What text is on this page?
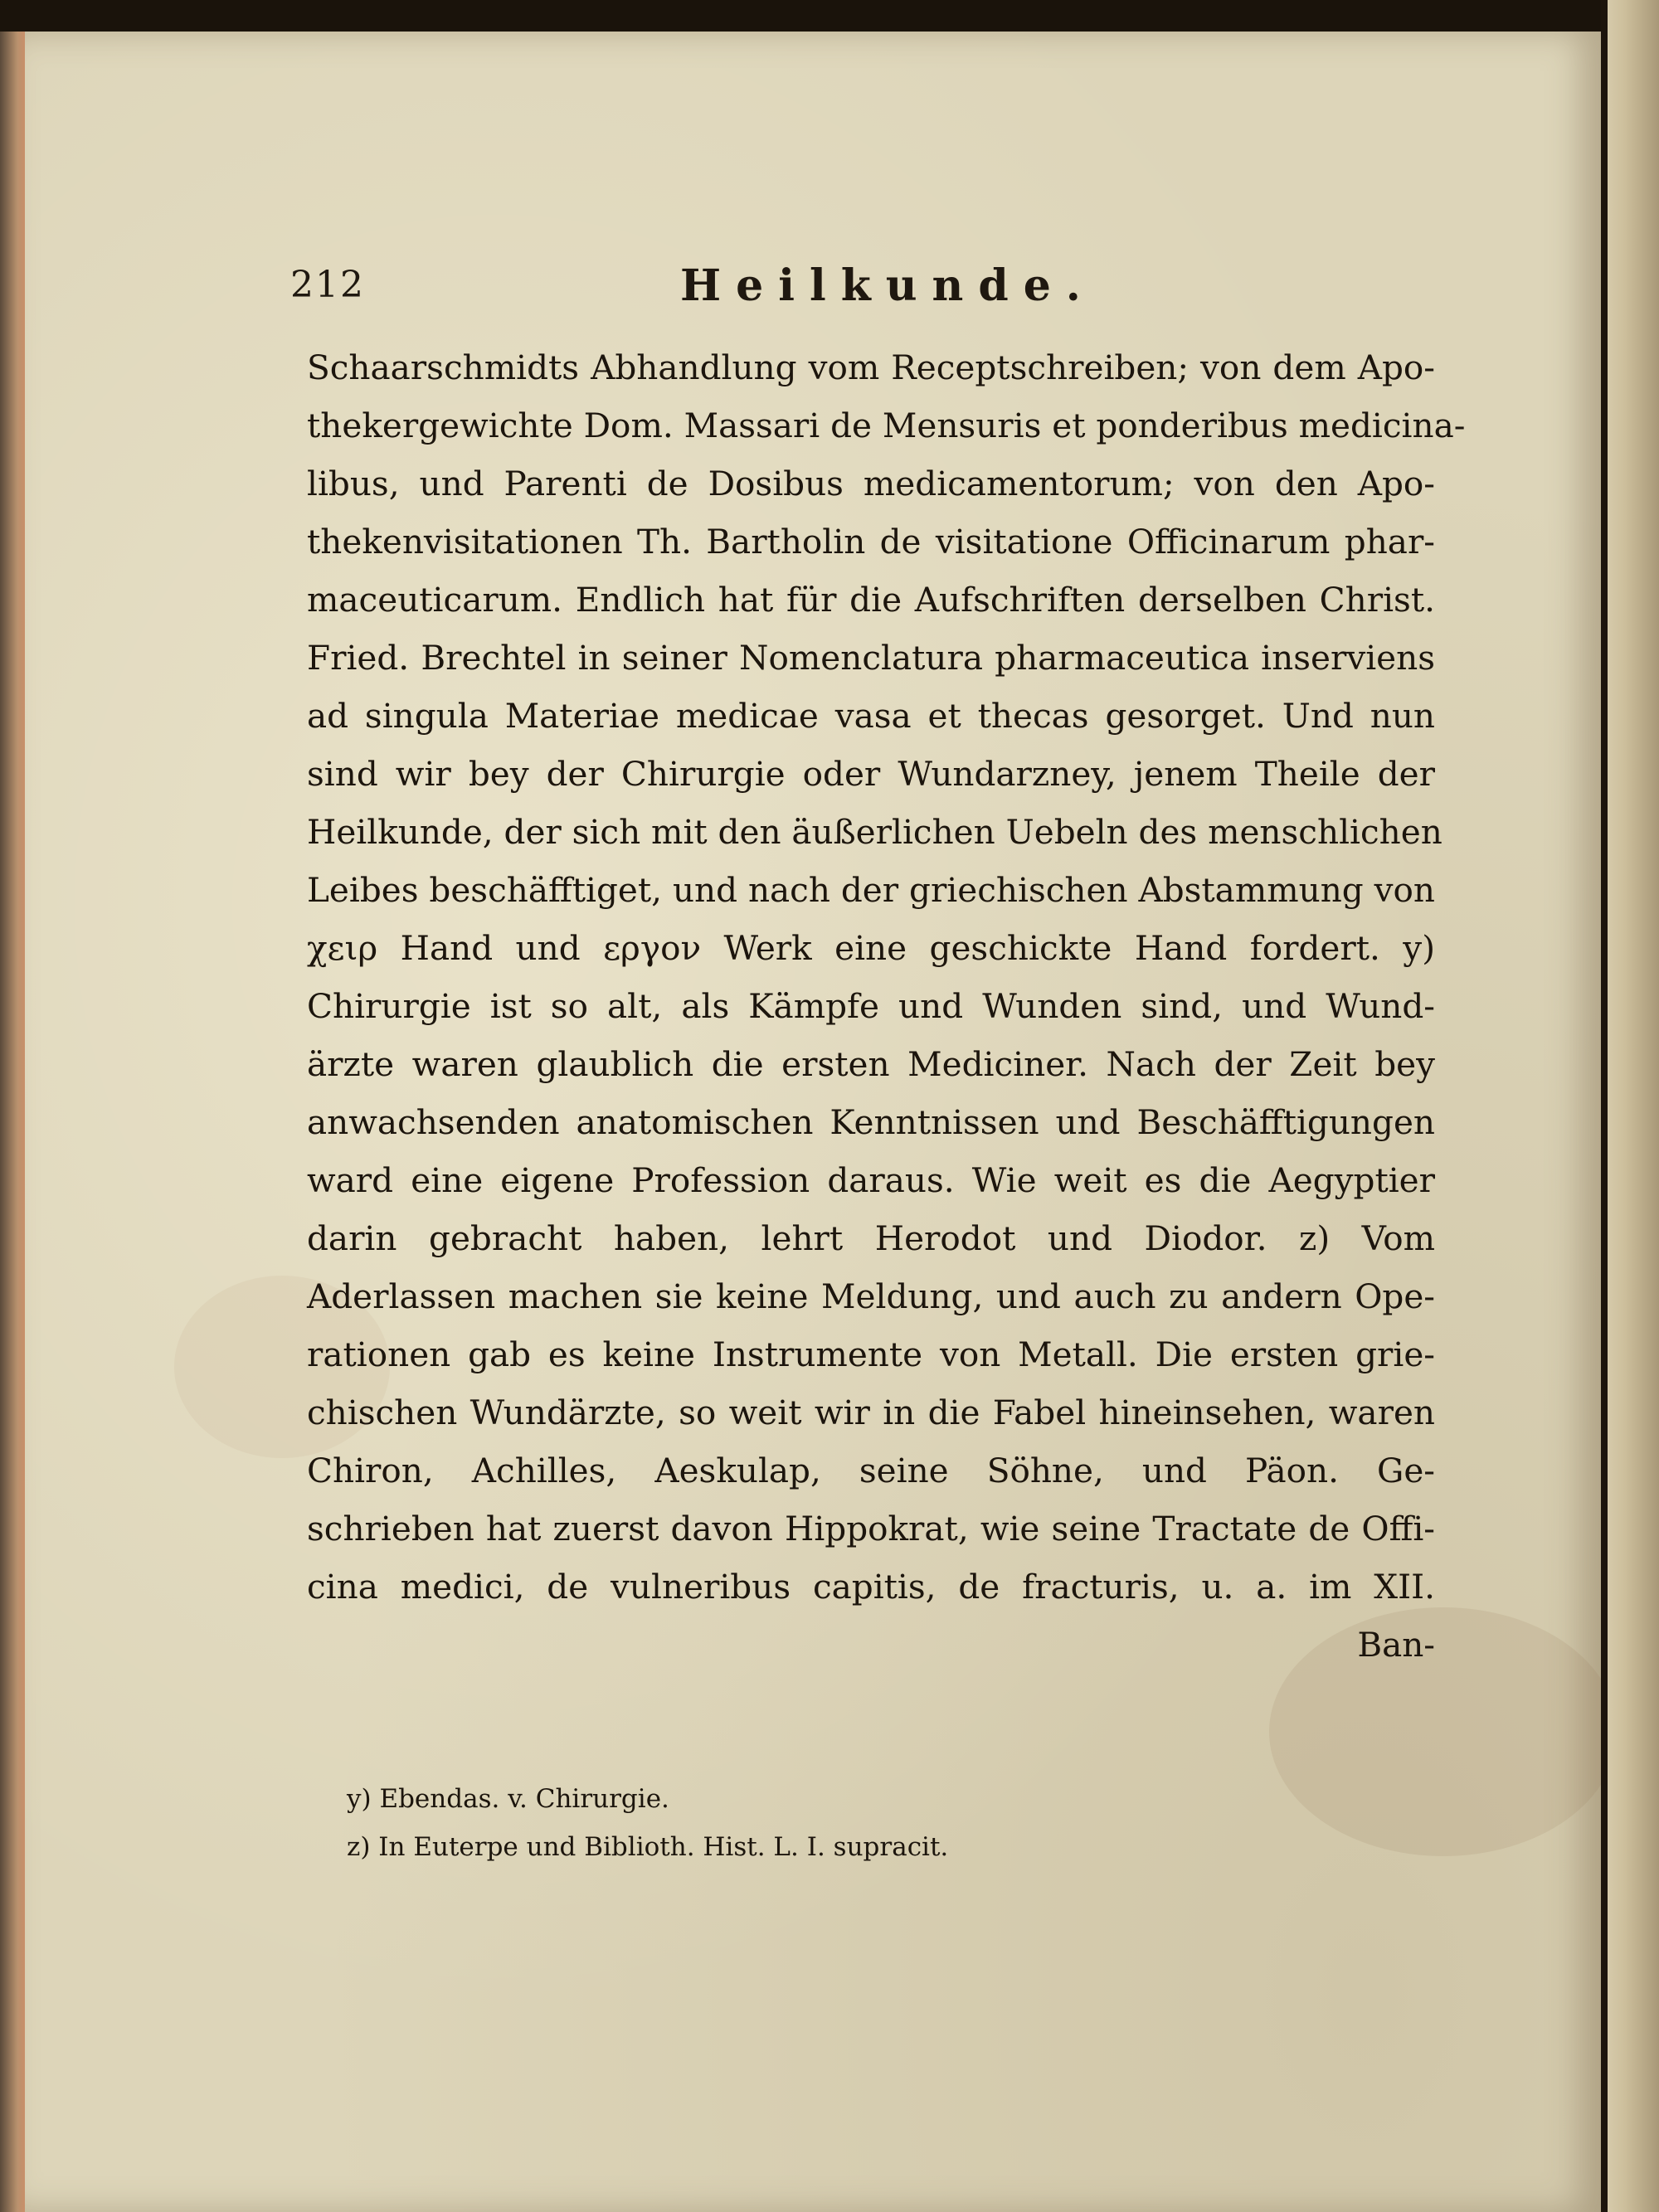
212	Heilkunde.
Schaarschmidts Abhandlung vom Receptschreiben; von dem Apo-
thekergewichte Dom. Massari de Mensuris et ponderibus medicina-
libus, und Parenti de Dosibus medicamentorum; von den Apo-
thekenvisitationen Th. Bartholin de visitatione Officinarum phar-
maceuticarum. Endlich hat für die Aufschriften derselben Christ.
Fried. Brechtel in seiner Nomenclatura pharmaceutica inserviens
ad singula Materiae medicae vasa et thecas gesorget. Und nun
sind wir bey der Chirurgie oder Wundarzney, jenem Theile der
Heilkunde, der sich mit den äußerlichen Uebeln des menschlichen
Leibes beschäfftiget, und nach der griechischen Abstammung von
χειρ Hand und εργον Werk eine geschickte Hand fordert. y)
Chirurgie ist so alt, als Kämpfe und Wunden sind, und Wund-
ärzte waren glaublich die ersten Mediciner. Nach der Zeit bey
anwachsenden anatomischen Kenntnissen und Beschäfftigungen
ward eine eigene Profession daraus. Wie weit es die Aegyptier
darin gebracht haben, lehrt Herodot und Diodor. z) Vom
Aderlassen machen sie keine Meldung, und auch zu andern Ope-
rationen gab es keine Instrumente von Metall. Die ersten grie-
chischen Wundärzte, so weit wir in die Fabel hineinsehen, waren
Chiron, Achilles, Aeskulap, seine Söhne, und Päon. Ge-
schrieben hat zuerst davon Hippokrat, wie seine Tractate de Offi-
cina medici, de vulneribus capitis, de fracturis, u. a. im XII.
Ban-
y) Ebendas. v. Chirurgie.
z) In Euterpe und Biblioth. Hist. L. I. supracit.
